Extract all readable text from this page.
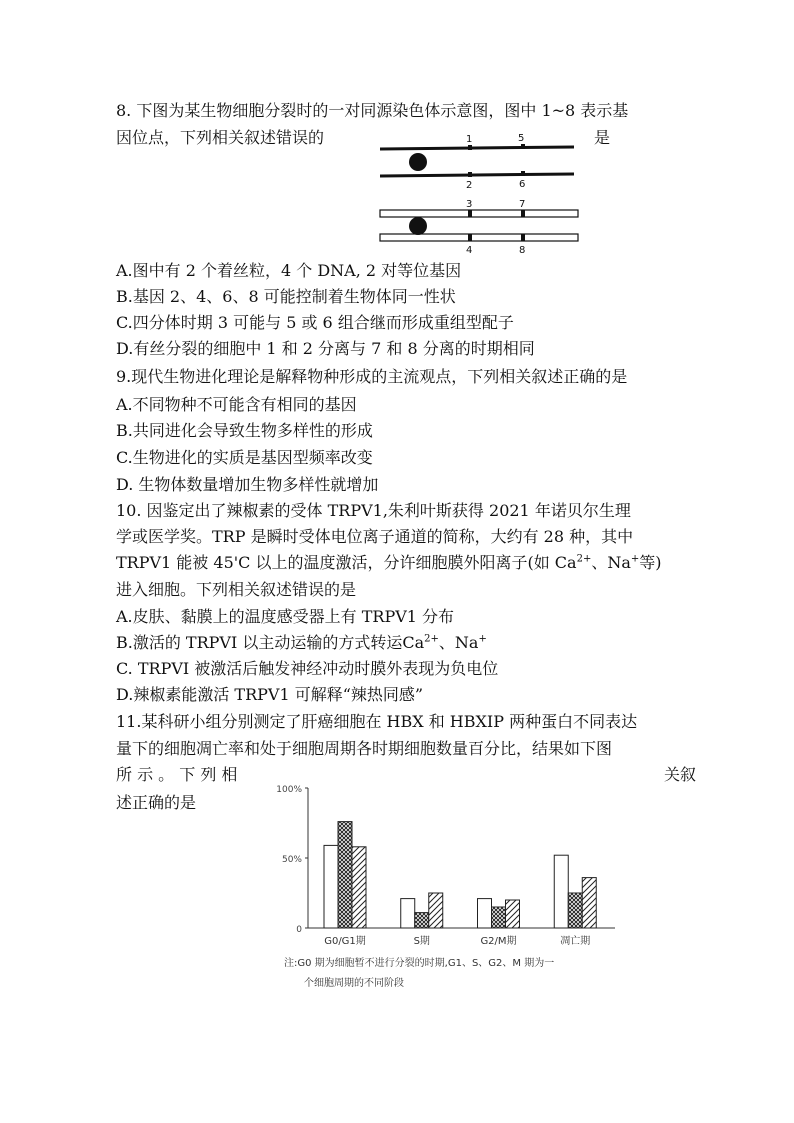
8. 下图为某生物细胞分裂时的一对同源染色体示意图，图中 1~8 表示基
因位点，下列相关叙述错误的	是
1	5
2	6
3	7
4	8
A.图中有 2 个着丝粒，4 个 DNA, 2 对等位基因
B.基因 2、4、6、8 可能控制着生物体同一性状
C.四分体时期 3 可能与 5 或 6 组合继而形成重组型配子
D.有丝分裂的细胞中 1 和 2 分离与 7 和 8 分离的时期相同
9.现代生物进化理论是解释物种形成的主流观点，下列相关叙述正确的是
A.不同物种不可能含有相同的基因
B.共同进化会导致生物多样性的形成
C.生物进化的实质是基因型频率改变
D. 生物体数量增加生物多样性就增加
10. 因鉴定出了辣椒素的受体 TRPV1,朱利叶斯获得 2021 年诺贝尔生理
学或医学奖。TRP 是瞬时受体电位离子通道的简称，大约有 28 种，其中
TRPV1 能被 45'C 以上的温度激活，分许细胞膜外阳离子(如 $Ca^{2+}$、Na+等)
进入细胞。下列相关叙述错误的是
A.皮肤、黏膜上的温度感受器上有 TRPV1 分布
B.激活的 TRPVI 以主动运输的方式转运$Ca^{2+}$、Na+
C. TRPVI 被激活后触发神经冲动时膜外表现为负电位
D.辣椒素能激活 TRPV1 可解释“辣热同感”
11.某科研小组分别测定了肝癌细胞在 HBX 和 HBXIP 两种蛋白不同表达
量下的细胞凋亡率和处于细胞周期各时期细胞数量百分比，结果如下图
所 示 。 下 列 相	关叙
述正确的是
0
50%
100%
G0/G1期	S期	G2/M期	凋亡期
注:G0 期为细胞暂不进行分裂的时期,G1、S、G2、M 期为一
个细胞周期的不同阶段
